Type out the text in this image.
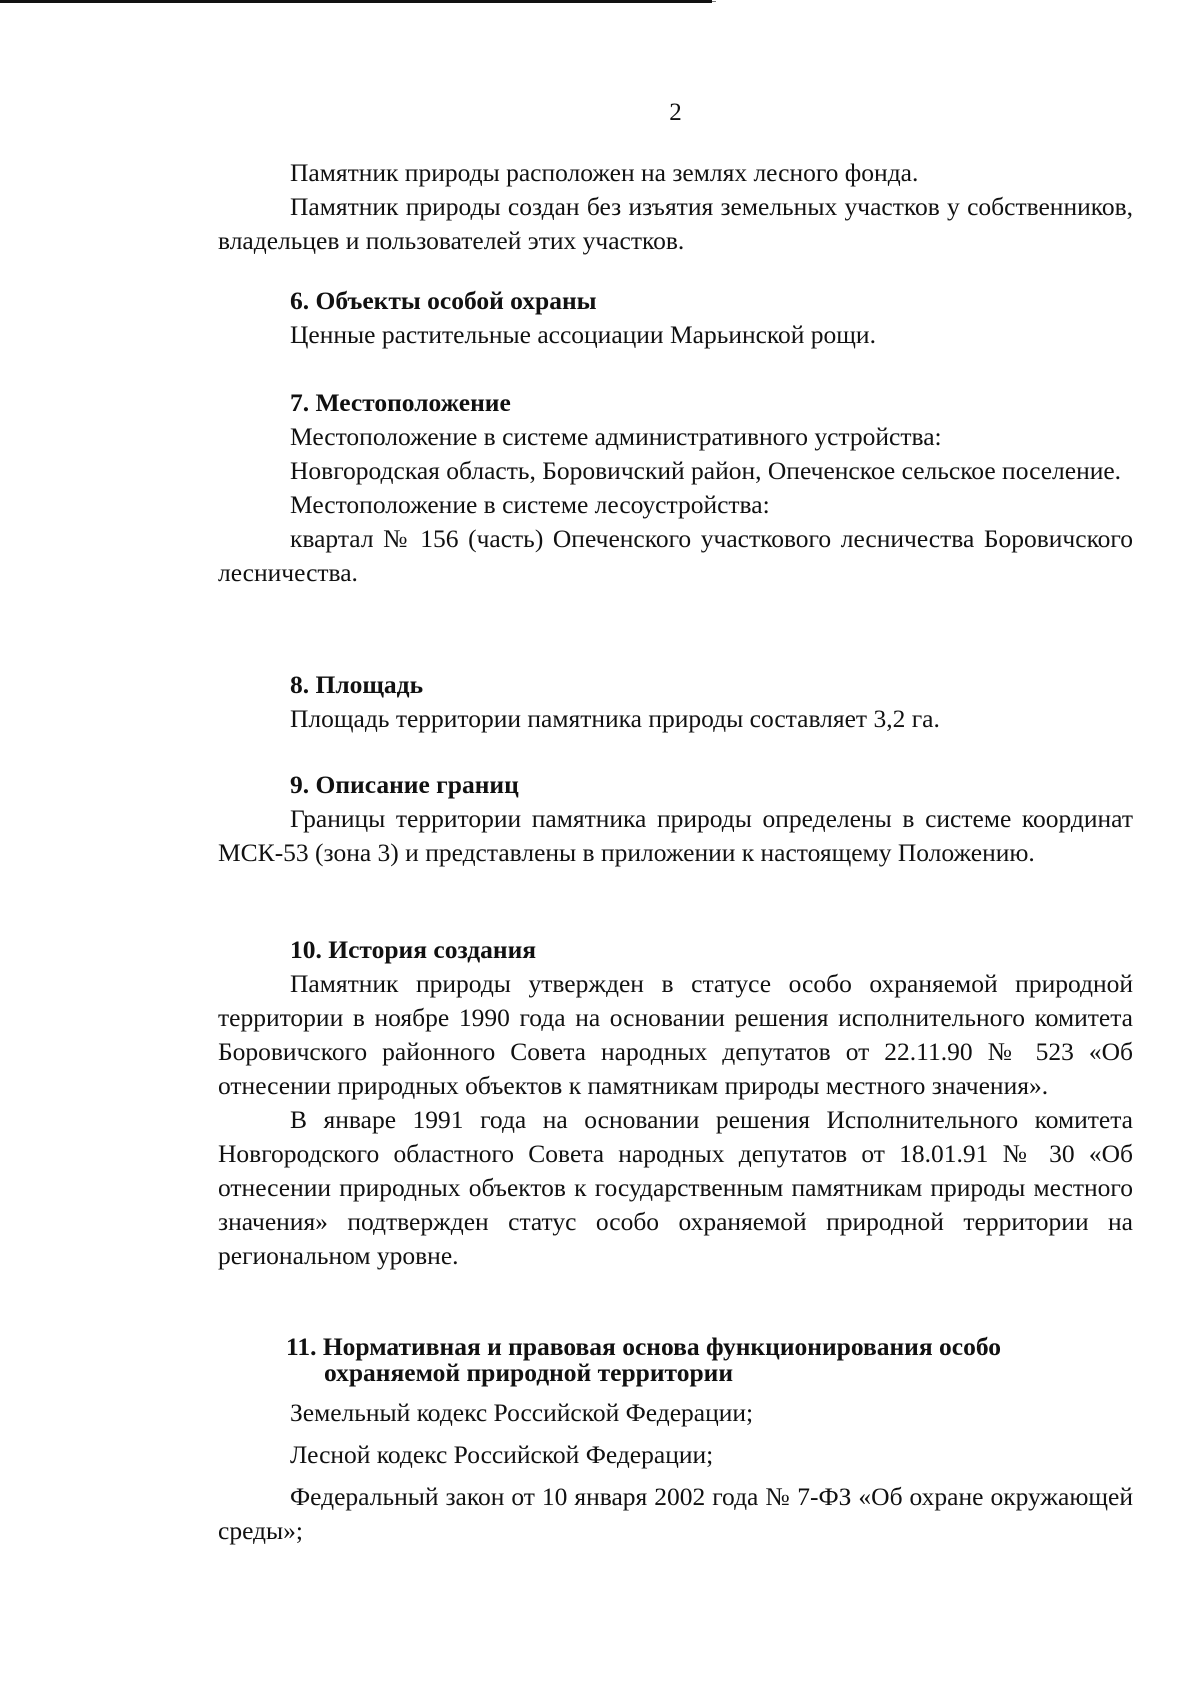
2

Памятник природы расположен на землях лесного фонда.

Памятник природы создан без изъятия земельных участков у собственников, владельцев и пользователей этих участков.

6. Объекты особой охраны

Ценные растительные ассоциации Марьинской рощи.

7. Местоположение

Местоположение в системе административного устройства:

Новгородская область, Боровичский район, Опеченское сельское поселение.

Местоположение в системе лесоустройства:

квартал № 156 (часть) Опеченского участкового лесничества Боровичского лесничества.

8. Площадь

Площадь территории памятника природы составляет 3,2 га.

9. Описание границ

Границы территории памятника природы определены в системе координат МСК-53 (зона 3) и представлены в приложении к настоящему Положению.

10. История создания

Памятник природы утвержден в статусе особо охраняемой природной территории в ноябре 1990 года на основании решения исполнительного комитета Боровичского районного Совета народных депутатов от 22.11.90 № 523 «Об отнесении природных объектов к памятникам природы местного значения».

В январе 1991 года на основании решения Исполнительного комитета Новгородского областного Совета народных депутатов от 18.01.91 № 30 «Об отнесении природных объектов к государственным памятникам природы местного значения» подтвержден статус особо охраняемой природной территории на региональном уровне.

11. Нормативная и правовая основа функционирования особо
охраняемой природной территории

Земельный кодекс Российской Федерации;

Лесной кодекс Российской Федерации;

Федеральный закон от 10 января 2002 года № 7-ФЗ «Об охране окружающей среды»;
